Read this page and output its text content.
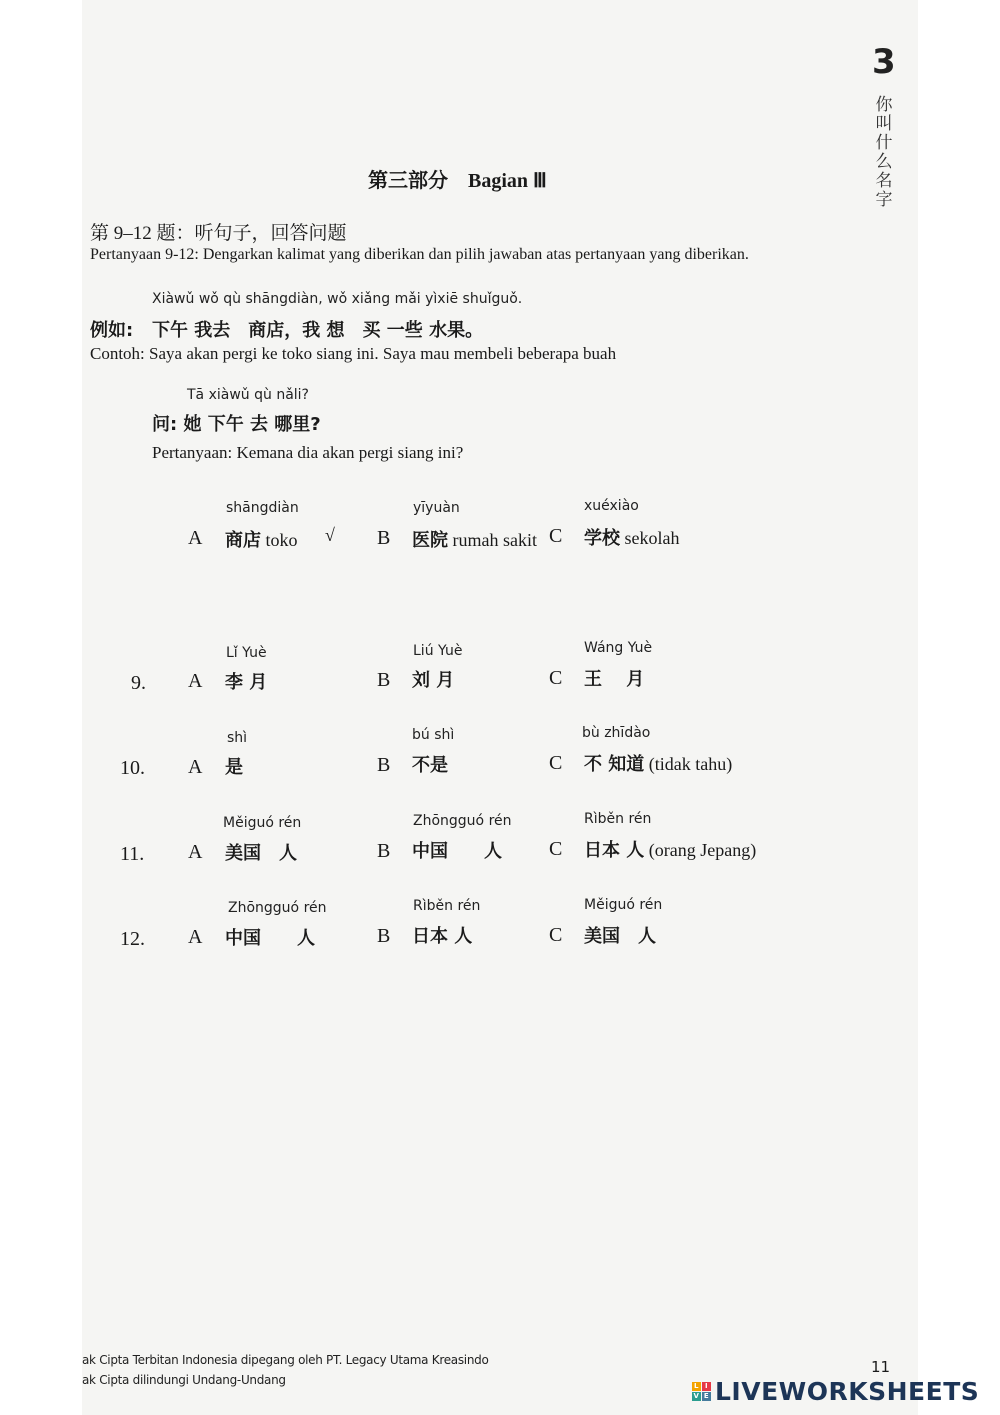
3
你叫什么名字
第三部分　Bagian Ⅲ
第 9–12 题：听句子，回答问题
Pertanyaan 9-12: Dengarkan kalimat yang diberikan dan pilih jawaban atas pertanyaan yang diberikan.
Xiàwǔ wǒ qù shāngdiàn, wǒ xiǎng mǎi yìxiē shuǐguǒ.
例如: 下午 我去　商店，我 想　买 一些 水果。
Contoh: Saya akan pergi ke toko siang ini. Saya mau membeli beberapa buah
Tā xiàwǔ qù nǎli?
问: 她 下午 去 哪里?
Pertanyaan: Kemana dia akan pergi siang ini?
shāngdiàn
A 商店 toko √
yīyuàn
B 医院 rumah sakit
xuéxiào
C 学校 sekolah
9.
Lǐ Yuè
A 李 月
Liú Yuè
B 刘 月
Wáng Yuè
C 王　 月
10.
shì
A 是
bú shì
B 不是
bù zhīdào
C 不 知道 (tidak tahu)
11.
Měiguó rén
A 美国　人
Zhōngguó rén
B 中国　　人
Rìběn rén
C 日本 人 (orang Jepang)
12.
Zhōngguó rén
A 中国　　人
Rìběn rén
B 日本 人
Měiguó rén
C 美国　人
ak Cipta Terbitan Indonesia dipegang oleh PT. Legacy Utama Kreasindo
ak Cipta dilindungi Undang-Undang
11
L I
V E LIVEWORKSHEETS
